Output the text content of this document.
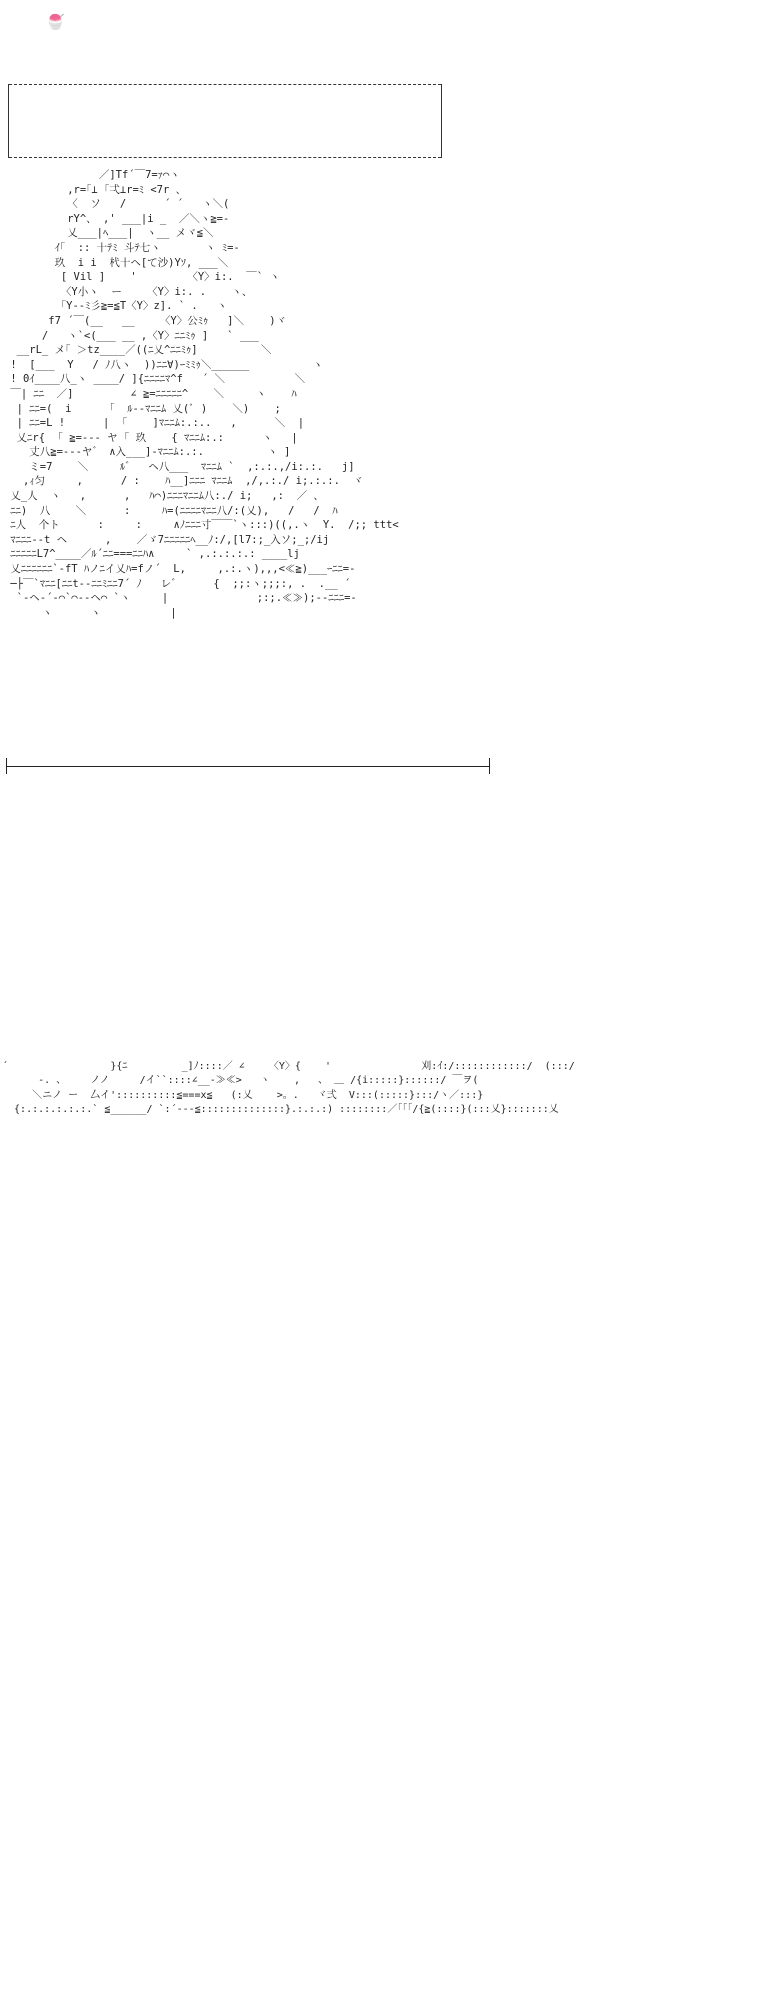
🍧
／]Tf´￣7=ｧ⌒ヽ
,r=｢⊥ ｢弌⊥r=ﾐ <7r 、
〈  ソ   /      ´ ´   ヽ＼(
rY^、 ,' ___|i _  ／＼ヽ≧=-
乂___|ﾍ___|  ヽ__ メヾ≦＼
ｲ｢  :: 十ﾃﾐ 斗ﾃ七ヽ       ヽ ﾐ=-
玖  i i  杙十ヘ[て沙)Yｿ, ___＼
[ Vil ]    '        〈Y〉i:.  ￣` ヽ
〈Y小ヽ  ー    〈Y〉i:. .    ヽ、
｢Y--ﾐ彡≧=≦T〈Y〉z]. ` .   ヽ
f7 ´￣(__   __    〈Y〉公ﾐｩ   ]＼    )ヾ
/   ヽ`<(___ __ ,〈Y〉ﾆﾆﾐｩ ]   ` ___
__rL_ メ｢ ＞tz____／((ﾆ乂^ﾆﾆﾐｩ]          ＼
!  [___  Y   / ﾉ八ヽ  ))ﾆﾆ∀)ｰﾐﾐｩ＼______          ヽ
! 0ｲ____八_ヽ ____/ ]{ﾆﾆﾆﾆﾏ^f   ´ ＼           ＼
￣| ﾆﾆ  ／]         ∠ ≧=ﾆﾆﾆﾆﾆ^    ＼     ヽ    ﾊ
| ﾆﾆ=(  i      ｢  ﾙ--ﾏﾆﾆﾑ 乂(ﾞ )    ＼)    ;
| ﾆﾆ=L !      |  ｢    ]ﾏﾆﾆﾑ:.:..   ,      ＼  |
乂ﾆr{  ｢ ≧=--- ヤ ｢ 玖    { ﾏﾆﾆﾑ:.:      ヽ   |
丈八≧=---ヤ゛ ∧入___]-ﾏﾆﾆﾑ:.:.          ヽ ]
ミ=7    ＼     ﾙ゛  ヘ八___  ﾏﾆﾆﾑ `  ,:.:.,/i:.:.   j]
,ｨ匀     ,      / :    ﾊ__]ﾆﾆﾆ ﾏﾆﾆﾑ  ,/,.:./ i;.:.:.  ヾ
乂_人  ヽ   ,      ,   ﾊ⌒)ﾆﾆﾆﾏﾆﾆﾑ八:./ i;   ,:  ／ 、
ﾆﾆ)  八    ＼      :     ﾊ=(ﾆﾆﾆﾆﾏﾆﾆ八/:(乂),   /   /  ﾊ
ﾆ人  个ト      :     :     ∧ﾉﾆﾆﾆ寸￣￣`ヽ:::)((,.ヽ  Y.  /;; ttt<
ﾏﾆﾆﾆ--t ヘ      ,    ／ゞ7ﾆﾆﾆﾆﾆﾍ__ﾉ:/,[l7:;_入ソ;_;/ij
ﾆﾆﾆﾆﾆL7^____／ﾙ´ﾆﾆ===ﾆﾆﾊ∧     ` ,.:.:.:.: ____lj
乂ﾆﾆﾆﾆﾆﾆ`-fT ﾊノﾆイ乂ﾊ=fノ´  L,     ,.:.ヽ),,,<≪≧)___ｰﾆﾆ=-
─├￣`ﾏﾆﾆ[ﾆﾆt--ﾆﾆﾐﾆﾆ7´ ﾉ   レ゛     {  ;;:ヽ;;;:, .  .__ ´
`-ヘ-´-⌒`⌒--ヘ⌒ `ヽ     |              ;:;.≪≫);--ﾆﾆﾆ=-
ヽ      ヽ           |
´                 }{ﾆ         _]ﾉ::::／ ∠    〈Y〉{    '               刈:ｲ:/::::::::::::/  (:::/
-. 、    ノノ     /イ``::::∠__-≫≪>   ヽ    ,   、 ＿ /{i:::::}::::::/ ￣ヲ(
＼ニノ ー  厶イ'::::::::::≦===x≦   (:乂    >。.   ヾ弍  V:::(:::::}:::/ヽ／:::}
{:.:.:.:.:.:.` ≦______/ `:´---≦::::::::::::::}.:.:.:) ::::::::／｢｢｢/{≧(::::}(:::乂}:::::::乂
